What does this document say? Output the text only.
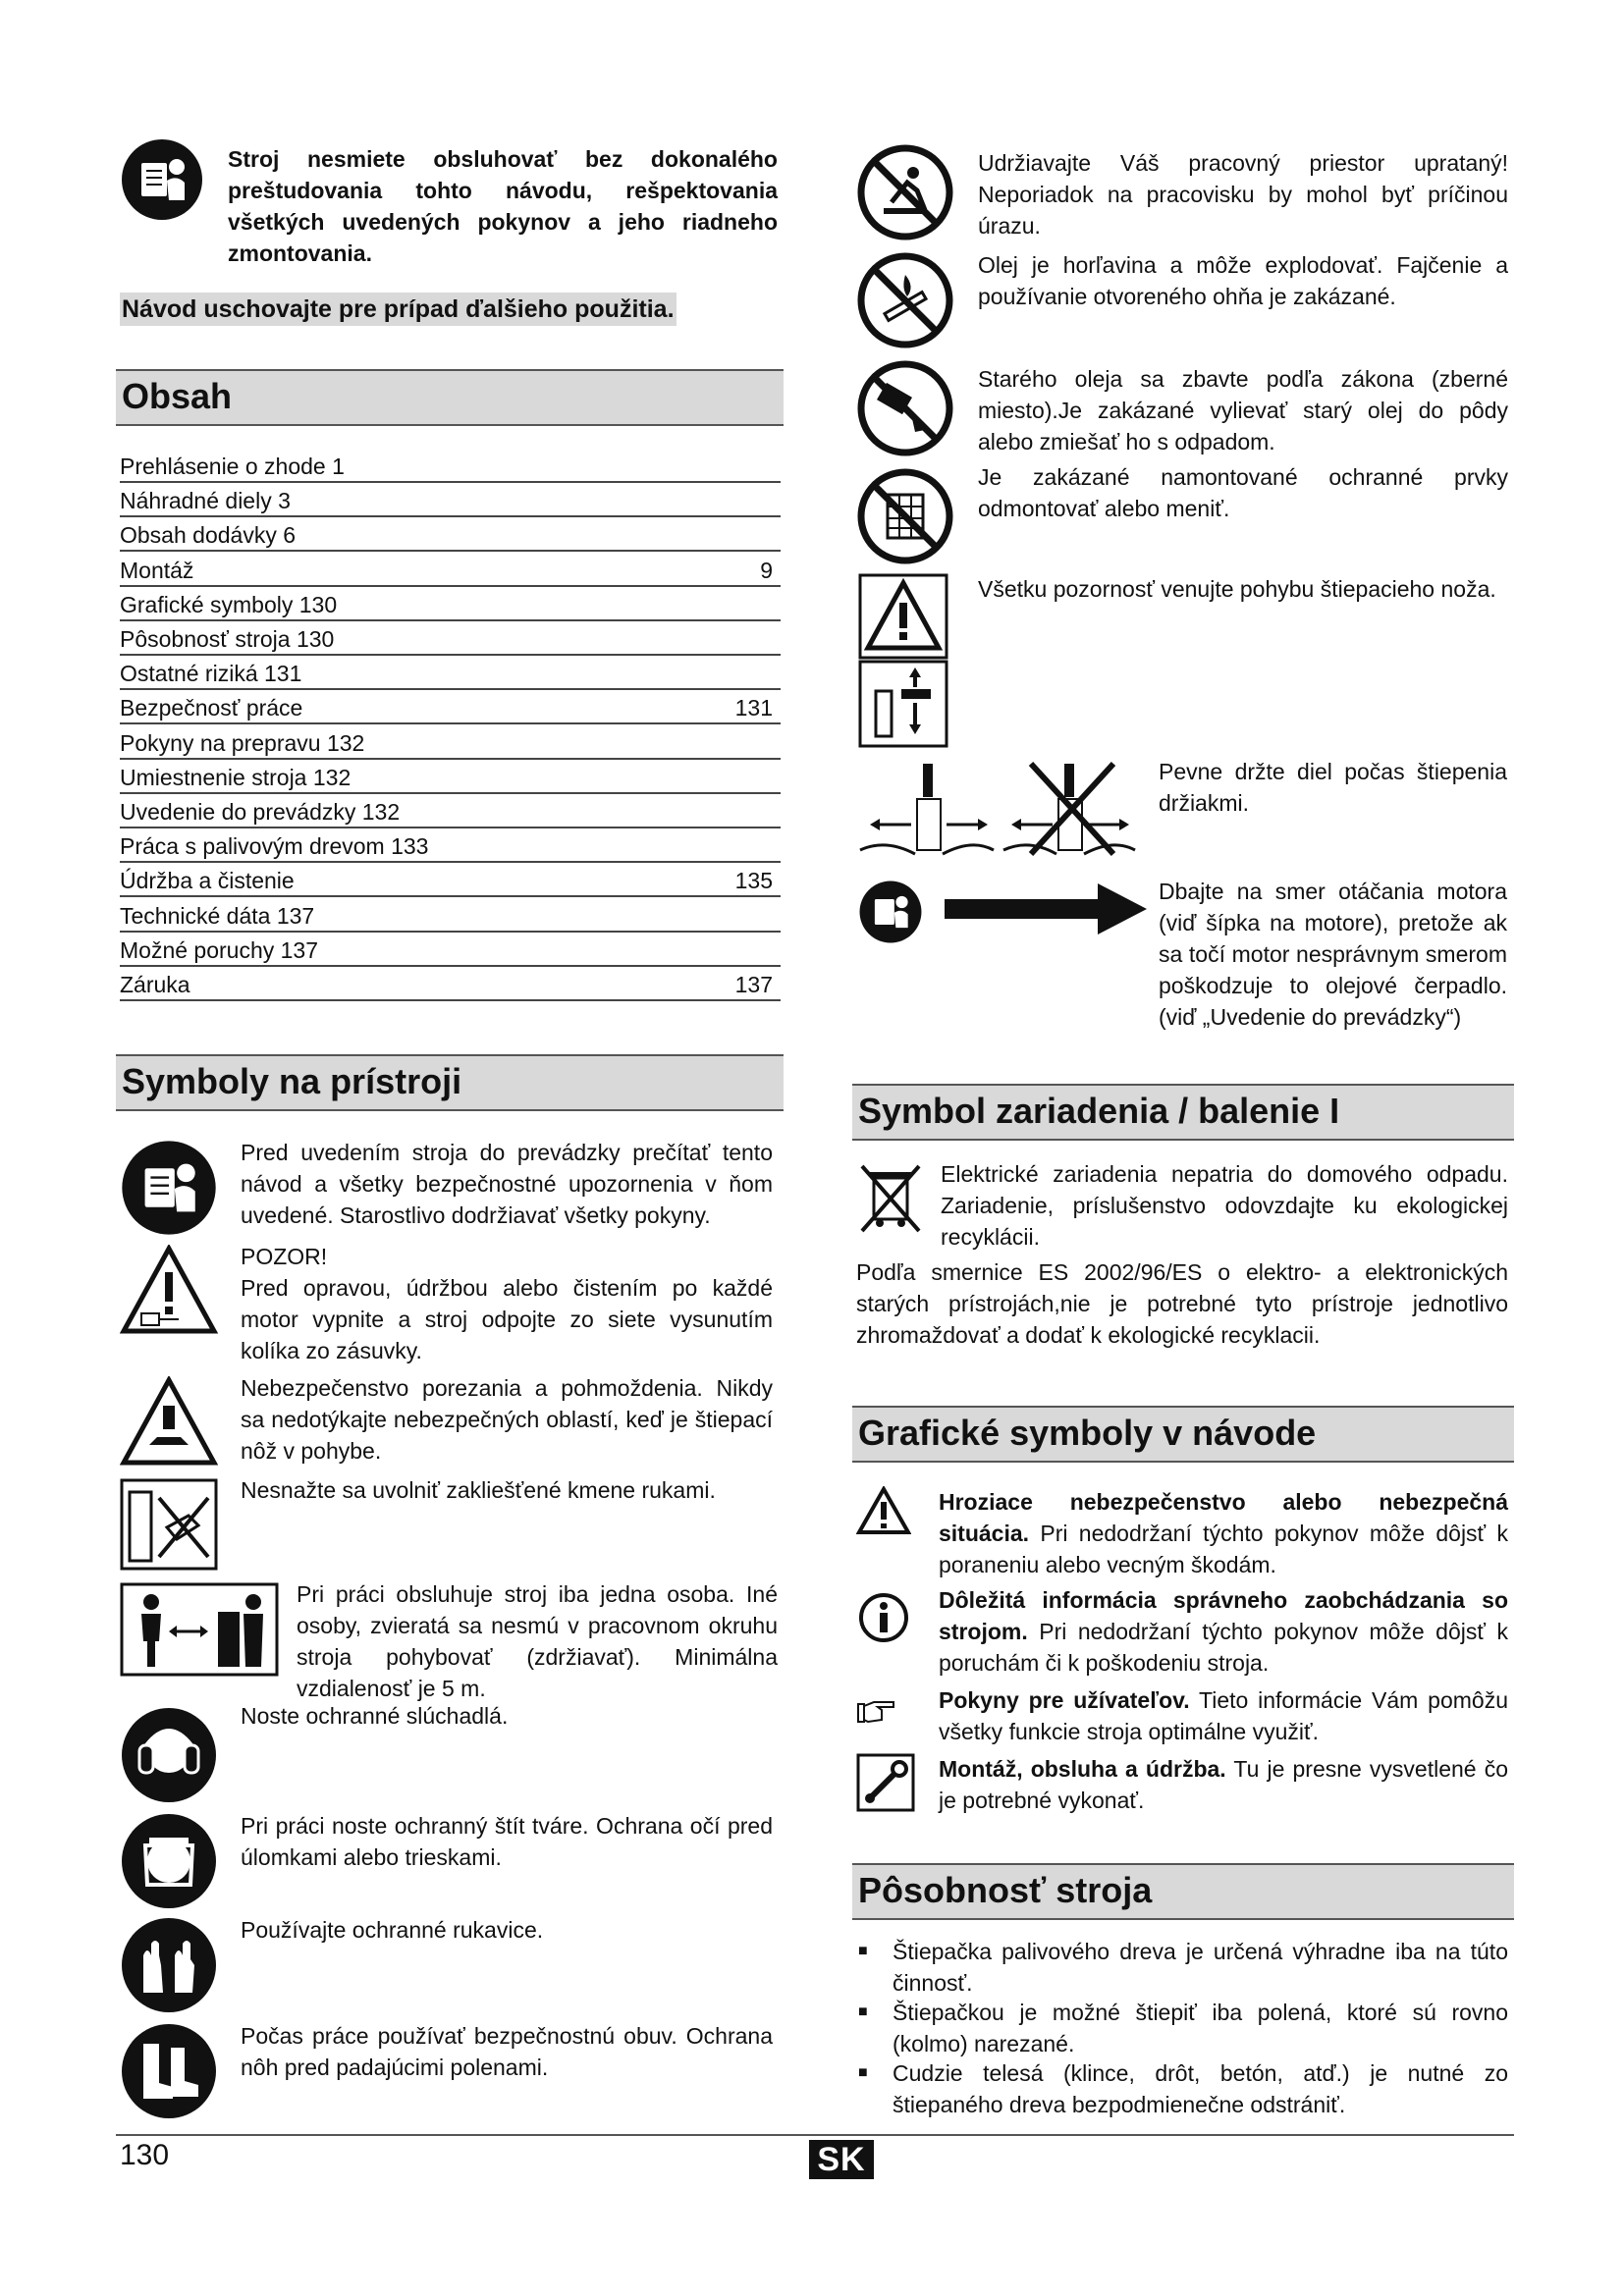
Stroj nesmiete obsluhovať bez dokonalého preštudovania tohto návodu, rešpektovania všetkých uvedených pokynov a jeho riadneho zmontovania.
Návod uschovajte pre prípad ďalšieho použitia.
Obsah
Prehlásenie o zhode 1
Náhradné diely 3
Obsah dodávky 6
Montáž	9
Grafické symboly 130
Pôsobnosť stroja 130
Ostatné riziká 131
Bezpečnosť práce	131
Pokyny na prepravu 132
Umiestnenie stroja 132
Uvedenie do prevádzky 132
Práca s palivovým drevom 133
Údržba a čistenie	135
Technické dáta 137
Možné poruchy 137
Záruka	137
Symboly na prístroji
Pred uvedením stroja do prevádzky prečítať tento návod a všetky bezpečnostné upozornenia v ňom uvedené. Starostlivo dodržiavať všetky pokyny.
POZOR!
Pred opravou, údržbou alebo čistením po každé motor vypnite a stroj odpojte zo siete vysunutím kolíka zo zásuvky.
Nebezpečenstvo porezania a pohmoždenia. Nikdy sa nedotýkajte nebezpečných oblastí, keď je štiepací nôž v pohybe.
Nesnažte sa uvolniť zakliešťené kmene rukami.
Pri práci obsluhuje stroj iba jedna osoba. Iné osoby, zvieratá sa nesmú v pracovnom okruhu stroja pohybovať (zdržiavať). Minimálna vzdialenosť je 5 m.
Noste ochranné slúchadlá.
Pri práci noste ochranný štít tváre. Ochrana očí pred úlomkami alebo trieskami.
Používajte ochranné rukavice.
Počas práce používať bezpečnostnú obuv. Ochrana nôh pred padajúcimi polenami.
Udržiavajte Váš pracovný priestor uprataný! Neporiadok na pracovisku by mohol byť príčinou úrazu.
Olej je horľavina a môže explodovať. Fajčenie a používanie otvoreného ohňa je zakázané.
Starého oleja sa zbavte podľa zákona (zberné miesto).Je zakázané vylievať starý olej do pôdy alebo zmiešať ho s odpadom.
Je zakázané namontované ochranné prvky odmontovať alebo meniť.
Všetku pozornosť venujte pohybu štiepacieho noža.
Pevne držte diel počas štiepenia držiakmi.
Dbajte na smer otáčania motora (viď šípka na motore), pretože ak sa točí motor nesprávnym smerom poškodzuje to olejové čerpadlo. (viď „Uvedenie do prevádzky“)
Symbol zariadenia / balenie I
Elektrické zariadenia nepatria do domového odpadu. Zariadenie, príslušenstvo odovzdajte ku ekologickej recyklácii.
Podľa smernice ES 2002/96/ES o elektro- a elektronických starých prístrojách,nie je potrebné tyto prístroje jednotlivo zhromaždovať a dodať k ekologické recyklacii.
Grafické symboly v návode
Hroziace nebezpečenstvo alebo nebezpečná situácia. Pri nedodržaní týchto pokynov môže dôjsť k poraneniu alebo vecným škodám.
Dôležitá informácia správneho zaobchádzania so strojom. Pri nedodržaní týchto pokynov môže dôjsť k poruchám či k poškodeniu stroja.
Pokyny pre užívateľov. Tieto informácie Vám pomôžu všetky funkcie stroja optimálne využiť.
Montáž, obsluha a údržba. Tu je presne vysvetlené čo je potrebné vykonať.
Pôsobnosť stroja
■ Štiepačka palivového dreva je určená výhradne iba na túto činnosť.
■ Štiepačkou je možné štiepiť iba polená, ktoré sú rovno (kolmo) narezané.
■ Cudzie telesá (klince, drôt, betón, atď.) je nutné zo štiepaného dreva bezpodmienečne odstrániť.
130	SK
